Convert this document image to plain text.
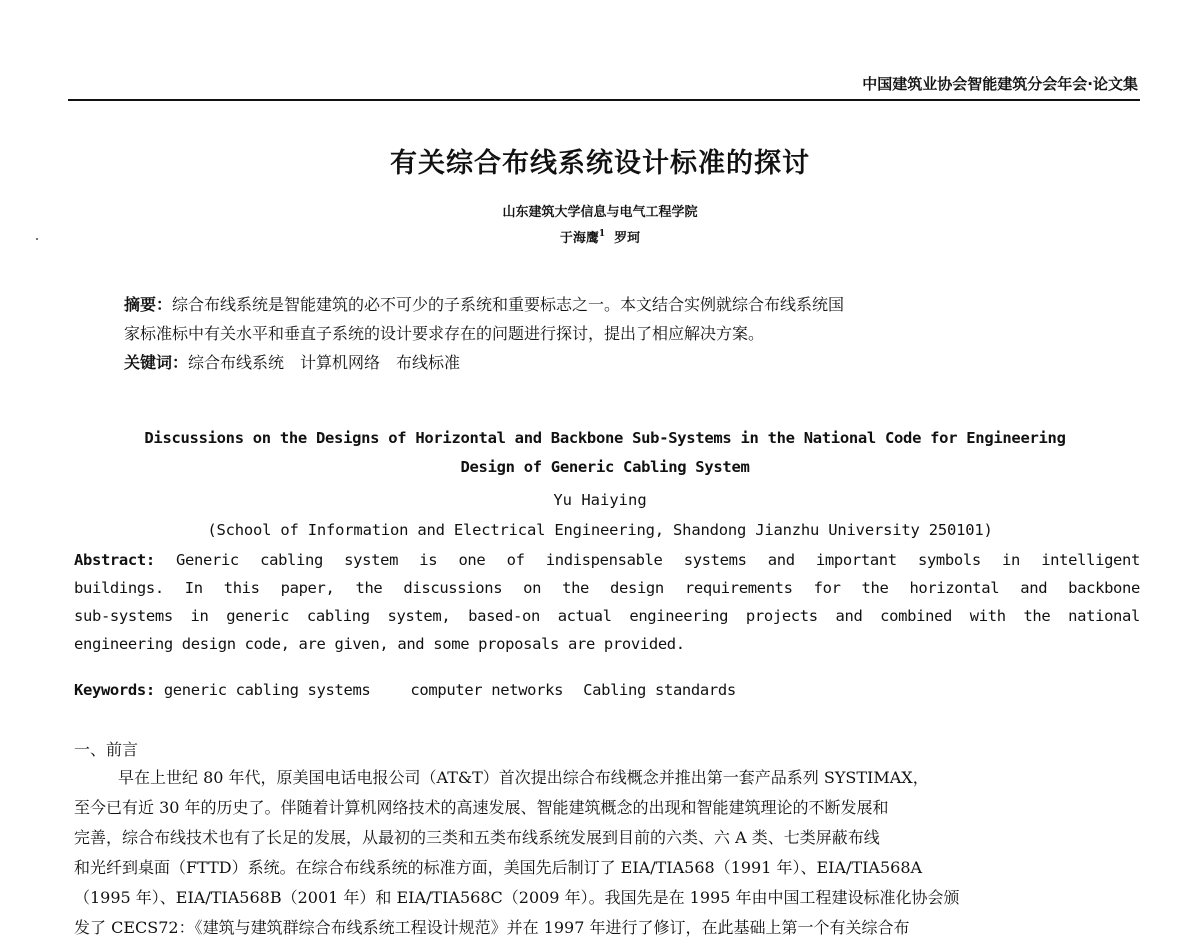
中国建筑业协会智能建筑分会年会·论文集
有关综合布线系统设计标准的探讨
山东建筑大学信息与电气工程学院
于海鹰$^1$ 罗珂

摘要：综合布线系统是智能建筑的必不可少的子系统和重要标志之一。本文结合实例就综合布线系统国

家标准标中有关水平和垂直子系统的设计要求存在的问题进行探讨，提出了相应解决方案。

关键词：综合布线系统　计算机网络　布线标准

Discussions on the Designs of Horizontal and Backbone Sub-Systems in the National Code for Engineering

Design of Generic Cabling System

Yu Haiying
(School of Information and Electrical Engineering, Shandong Jianzhu University 250101)

Abstract: Generic cabling system is one of indispensable systems and important symbols in intelligent

buildings. In this paper, the discussions on the design requirements for the horizontal and backbone

sub-systems in generic cabling system, based-on actual engineering projects and combined with the national

engineering design code, are given, and some proposals are provided.

Keywords: generic cabling systems	computer networks Cabling standards
一、前言

早在上世纪 80 年代，原美国电话电报公司（AT&T）首次提出综合布线概念并推出第一套产品系列 SYSTIMAX，

至今已有近 30 年的历史了。伴随着计算机网络技术的高速发展、智能建筑概念的出现和智能建筑理论的不断发展和

完善，综合布线技术也有了长足的发展，从最初的三类和五类布线系统发展到目前的六类、六 A 类、七类屏蔽布线

和光纤到桌面（FTTD）系统。在综合布线系统的标准方面，美国先后制订了 EIA/TIA568（1991 年）、EIA/TIA568A

（1995 年）、EIA/TIA568B（2001 年）和 EIA/TIA568C（2009 年）。我国先是在 1995 年由中国工程建设标准化协会颁

发了 CECS72：《建筑与建筑群综合布线系统工程设计规范》并在 1997 年进行了修订，在此基础上第一个有关综合布
